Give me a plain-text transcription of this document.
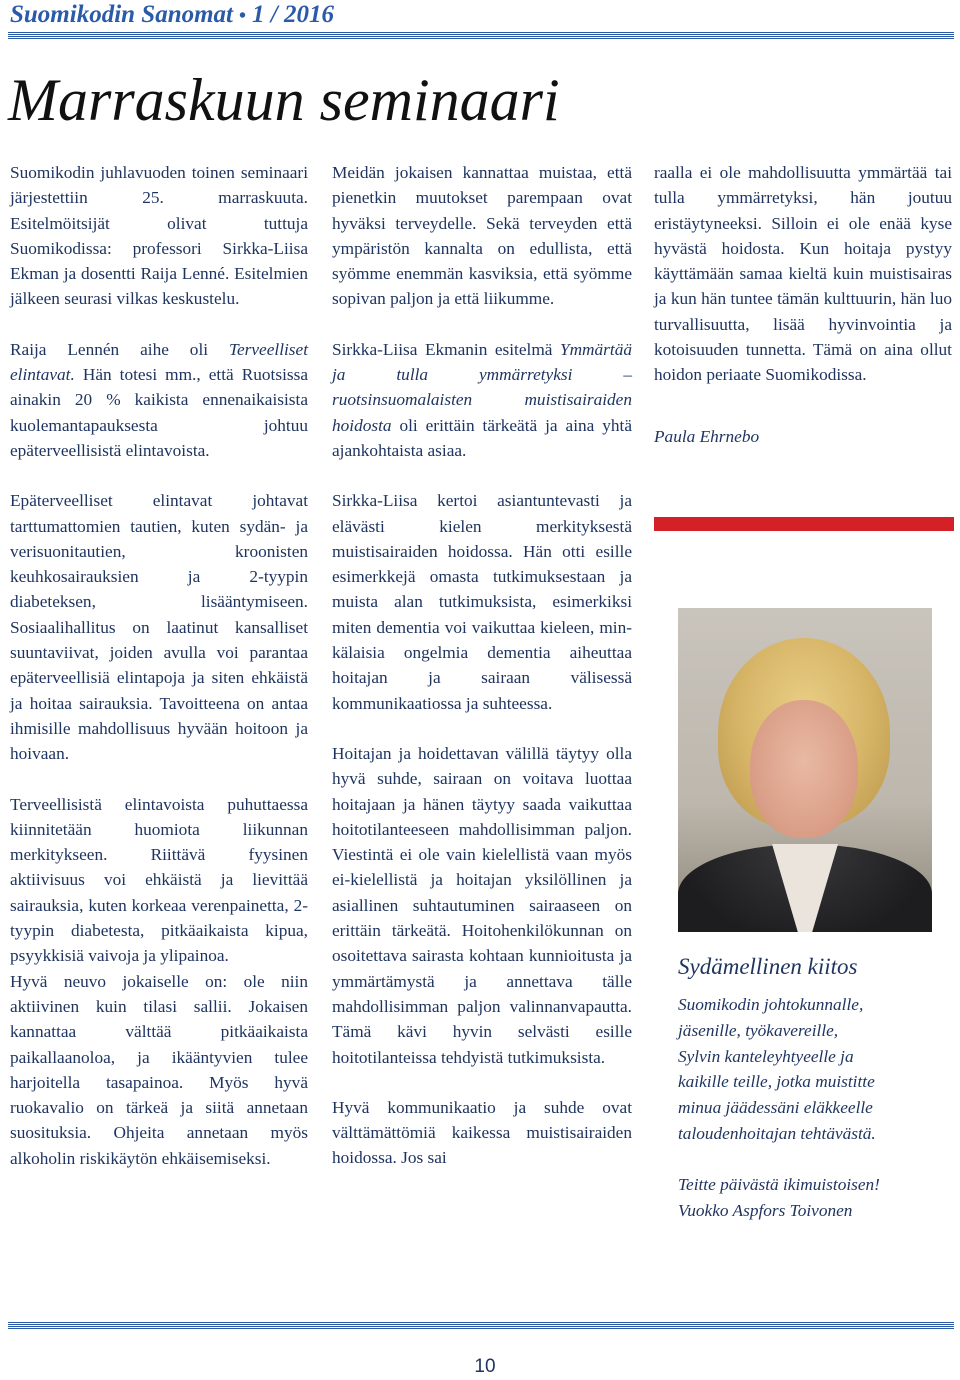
Suomikodin Sanomat • 1 / 2016
Marraskuun seminaari

Suomikodin juhlavuoden toinen seminaari järjestettiin 25. marraskuuta. Esitelmöitsijät olivat tuttuja Suomikodissa: professori Sirkka-Liisa Ekman ja dosentti Raija Lenné. Esitelmien jälkeen seurasi vilkas keskustelu.

Raija Lennén aihe oli Terveelliset elintavat. Hän totesi mm., että Ruotsissa ainakin 20 % kaikista ennenaikaisista kuolemantapauksesta johtuu epäterveellisistä elintavoista.

Epäterveelliset elintavat johtavat tarttumattomien tautien, kuten sydän- ja verisuonitautien, kroonisten keuhkosairauksien ja 2-tyypin diabeteksen, lisääntymiseen. Sosiaalihallitus on laatinut kansalliset suuntaviivat, joiden avulla voi parantaa epäterveellisiä elintapoja ja siten ehkäistä ja hoitaa sairauksia. Tavoitteena on antaa ihmisille mahdollisuus hyvään hoitoon ja hoivaan.

Terveellisistä elintavoista puhuttaessa kiinnitetään huomiota liikunnan merkitykseen. Riittävä fyysinen aktiivisuus voi ehkäistä ja lievittää sairauksia, kuten korkeaa verenpainetta, 2-tyypin diabetesta, pitkäaikaista kipua, psyykkisiä vaivoja ja ylipainoa.

Hyvä neuvo jokaiselle on: ole niin aktiivinen kuin tilasi sallii. Jokaisen kannattaa välttää pitkäaikaista paikallaanoloa, ja ikääntyvien tulee harjoitella tasapainoa. Myös hyvä ruokavalio on tärkeä ja siitä annetaan suosituksia. Ohjeita annetaan myös alkoholin riskikäytön ehkäisemiseksi.

Meidän jokaisen kannattaa muistaa, että pienetkin muutokset parempaan ovat hyväksi terveydelle. Sekä terveyden että ympäristön kannalta on edullista, että syömme enemmän kasviksia, että syömme sopivan paljon ja että liikumme.

Sirkka-Liisa Ekmanin esitelmä Ymmärtää ja tulla ymmärretyksi – ruotsinsuomalaisten muistisairaiden hoidosta oli erittäin tärkeätä ja aina yhtä ajankohtaista asiaa.

Sirkka-Liisa kertoi asiantuntevasti ja elävästi kielen merkityksestä muistisairaiden hoidossa. Hän otti esille esimerkkejä omasta tutkimuksestaan ja muista alan tutkimuksista, esimerkiksi miten dementia voi vaikuttaa kieleen, minkälaisia ongelmia dementia aiheuttaa hoitajan ja sairaan välisessä kommunikaatiossa ja suhteessa.

Hoitajan ja hoidettavan välillä täytyy olla hyvä suhde, sairaan on voitava luottaa hoitajaan ja hänen täytyy saada vaikuttaa hoitotilanteeseen mahdollisimman paljon. Viestintä ei ole vain kielellistä vaan myös ei-kielellistä ja hoitajan yksilöllinen ja asiallinen suhtautuminen sairaaseen on erittäin tärkeätä. Hoitohenkilökunnan on osoitettava sairasta kohtaan kunnioitusta ja ymmärtämystä ja annettava tälle mahdollisimman paljon valinnanvapautta. Tämä kävi hyvin selvästi esille hoitotilanteissa tehdyistä tutkimuksista.

Hyvä kommunikaatio ja suhde ovat välttämättömiä kaikessa muistisairaiden hoidossa. Jos sai

raalla ei ole mahdollisuutta ymmärtää tai tulla ymmärretyksi, hän joutuu eristäytyneeksi. Silloin ei ole enää kyse hyvästä hoidosta. Kun hoitaja pystyy käyttämään samaa kieltä kuin muistisairas ja kun hän tuntee tämän kulttuurin, hän luo turvallisuutta, lisää hyvinvointia ja kotoisuuden tunnetta. Tämä on aina ollut hoidon periaate Suomikodissa.

Paula Ehrnebo
Sydämellinen kiitos
Suomikodin johtokunnalle,
jäsenille, työkavereille,
Sylvin kanteleyhtyeelle ja
kaikille teille, jotka muistitte
minua jäädessäni eläkkeelle
taloudenhoitajan tehtävästä.
Teitte päivästä ikimuistoisen!
Vuokko Aspfors Toivonen
10
